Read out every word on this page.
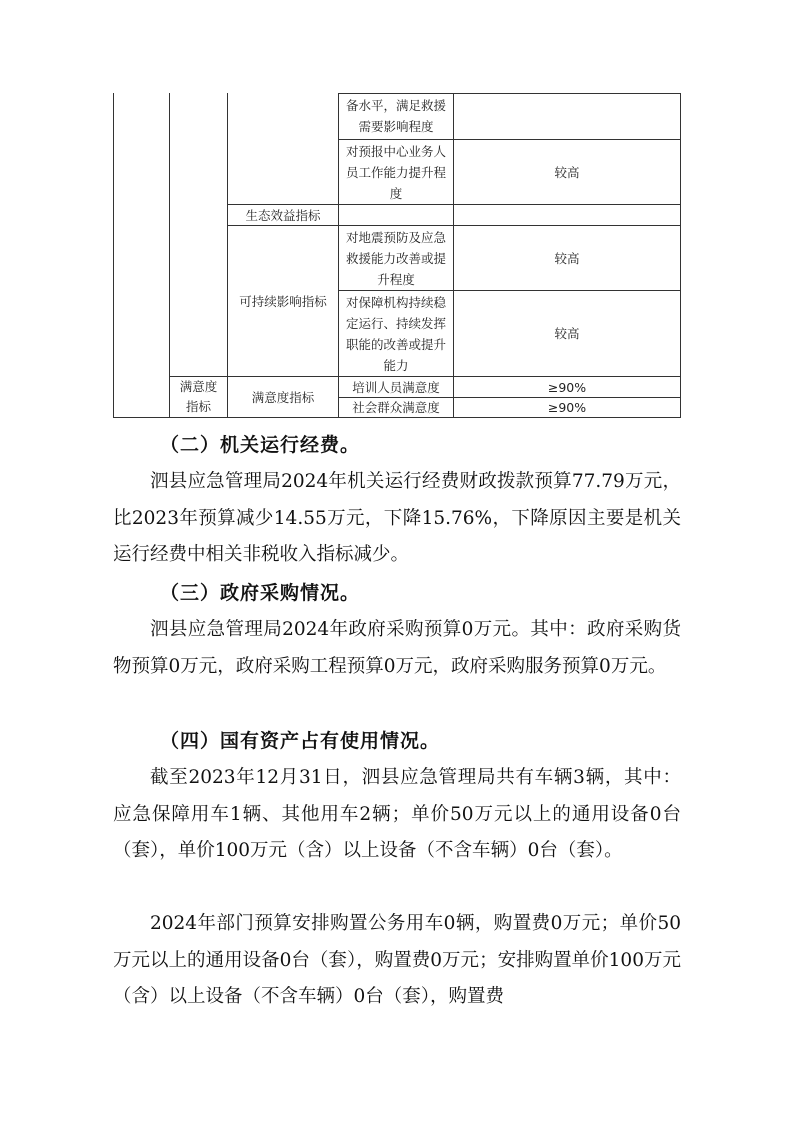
备水平，满足救援需要影响程度
对预报中心业务人员工作能力提升程度
较高
生态效益指标
可持续影响指标
对地震预防及应急救援能力改善或提升程度
较高
对保障机构持续稳定运行、持续发挥职能的改善或提升能力
较高
满意度指标
满意度指标
培训人员满意度	≥90%
社会群众满意度	≥90%
（二）机关运行经费。
泗县应急管理局2024年机关运行经费财政拨款预算77.79万元，比2023年预算减少14.55万元，下降15.76%，下降原因主要是机关运行经费中相关非税收入指标减少。
（三）政府采购情况。
泗县应急管理局2024年政府采购预算0万元。其中：政府采购货物预算0万元，政府采购工程预算0万元，政府采购服务预算0万元。
（四）国有资产占有使用情况。
截至2023年12月31日，泗县应急管理局共有车辆3辆，其中：应急保障用车1辆、其他用车2辆；单价50万元以上的通用设备0台（套），单价100万元（含）以上设备（不含车辆）0台（套）。
2024年部门预算安排购置公务用车0辆，购置费0万元；单价50万元以上的通用设备0台（套），购置费0万元；安排购置单价100万元（含）以上设备（不含车辆）0台（套），购置费
